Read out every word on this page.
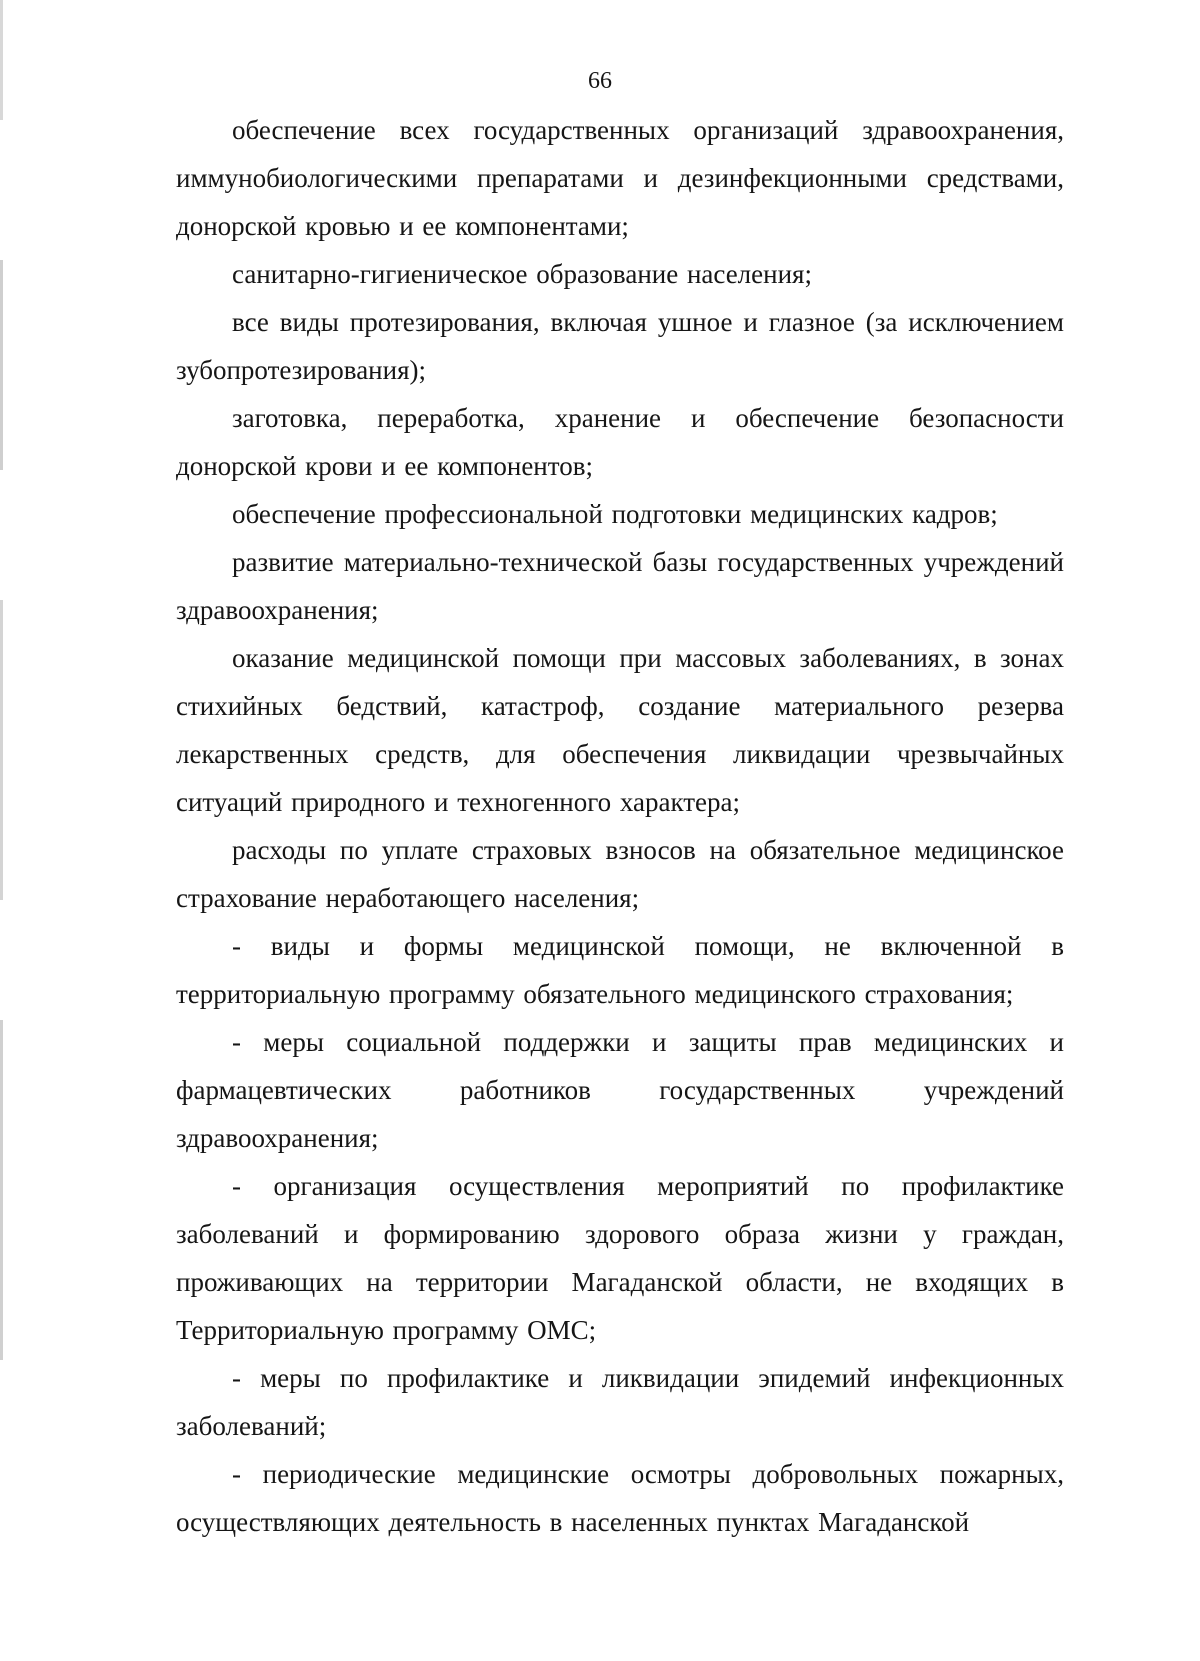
66

обеспечение всех государственных организаций здравоохранения, иммунобиологическими препаратами и дезинфекционными средствами, донорской кровью и ее компонентами;

санитарно-гигиеническое образование населения;

все виды протезирования, включая ушное и глазное (за исключением зубопротезирования);

заготовка, переработка, хранение и обеспечение безопасности донорской крови и ее компонентов;

обеспечение профессиональной подготовки медицинских кадров;

развитие материально-технической базы государственных учреждений здравоохранения;

оказание медицинской помощи при массовых заболеваниях, в зонах стихийных бедствий, катастроф, создание материального резерва лекарственных средств, для обеспечения ликвидации чрезвычайных ситуаций природного и техногенного характера;

расходы по уплате страховых взносов на обязательное медицинское страхование неработающего населения;

- виды и формы медицинской помощи, не включенной в территориальную программу обязательного медицинского страхования;

- меры социальной поддержки и защиты прав медицинских и фармацевтических работников государственных учреждений здравоохранения;

- организация осуществления мероприятий по профилактике заболеваний и формированию здорового образа жизни у граждан, проживающих на территории Магаданской области, не входящих в Территориальную программу ОМС;

- меры по профилактике и ликвидации эпидемий инфекционных заболеваний;

- периодические медицинские осмотры добровольных пожарных, осуществляющих деятельность в населенных пунктах Магаданской
